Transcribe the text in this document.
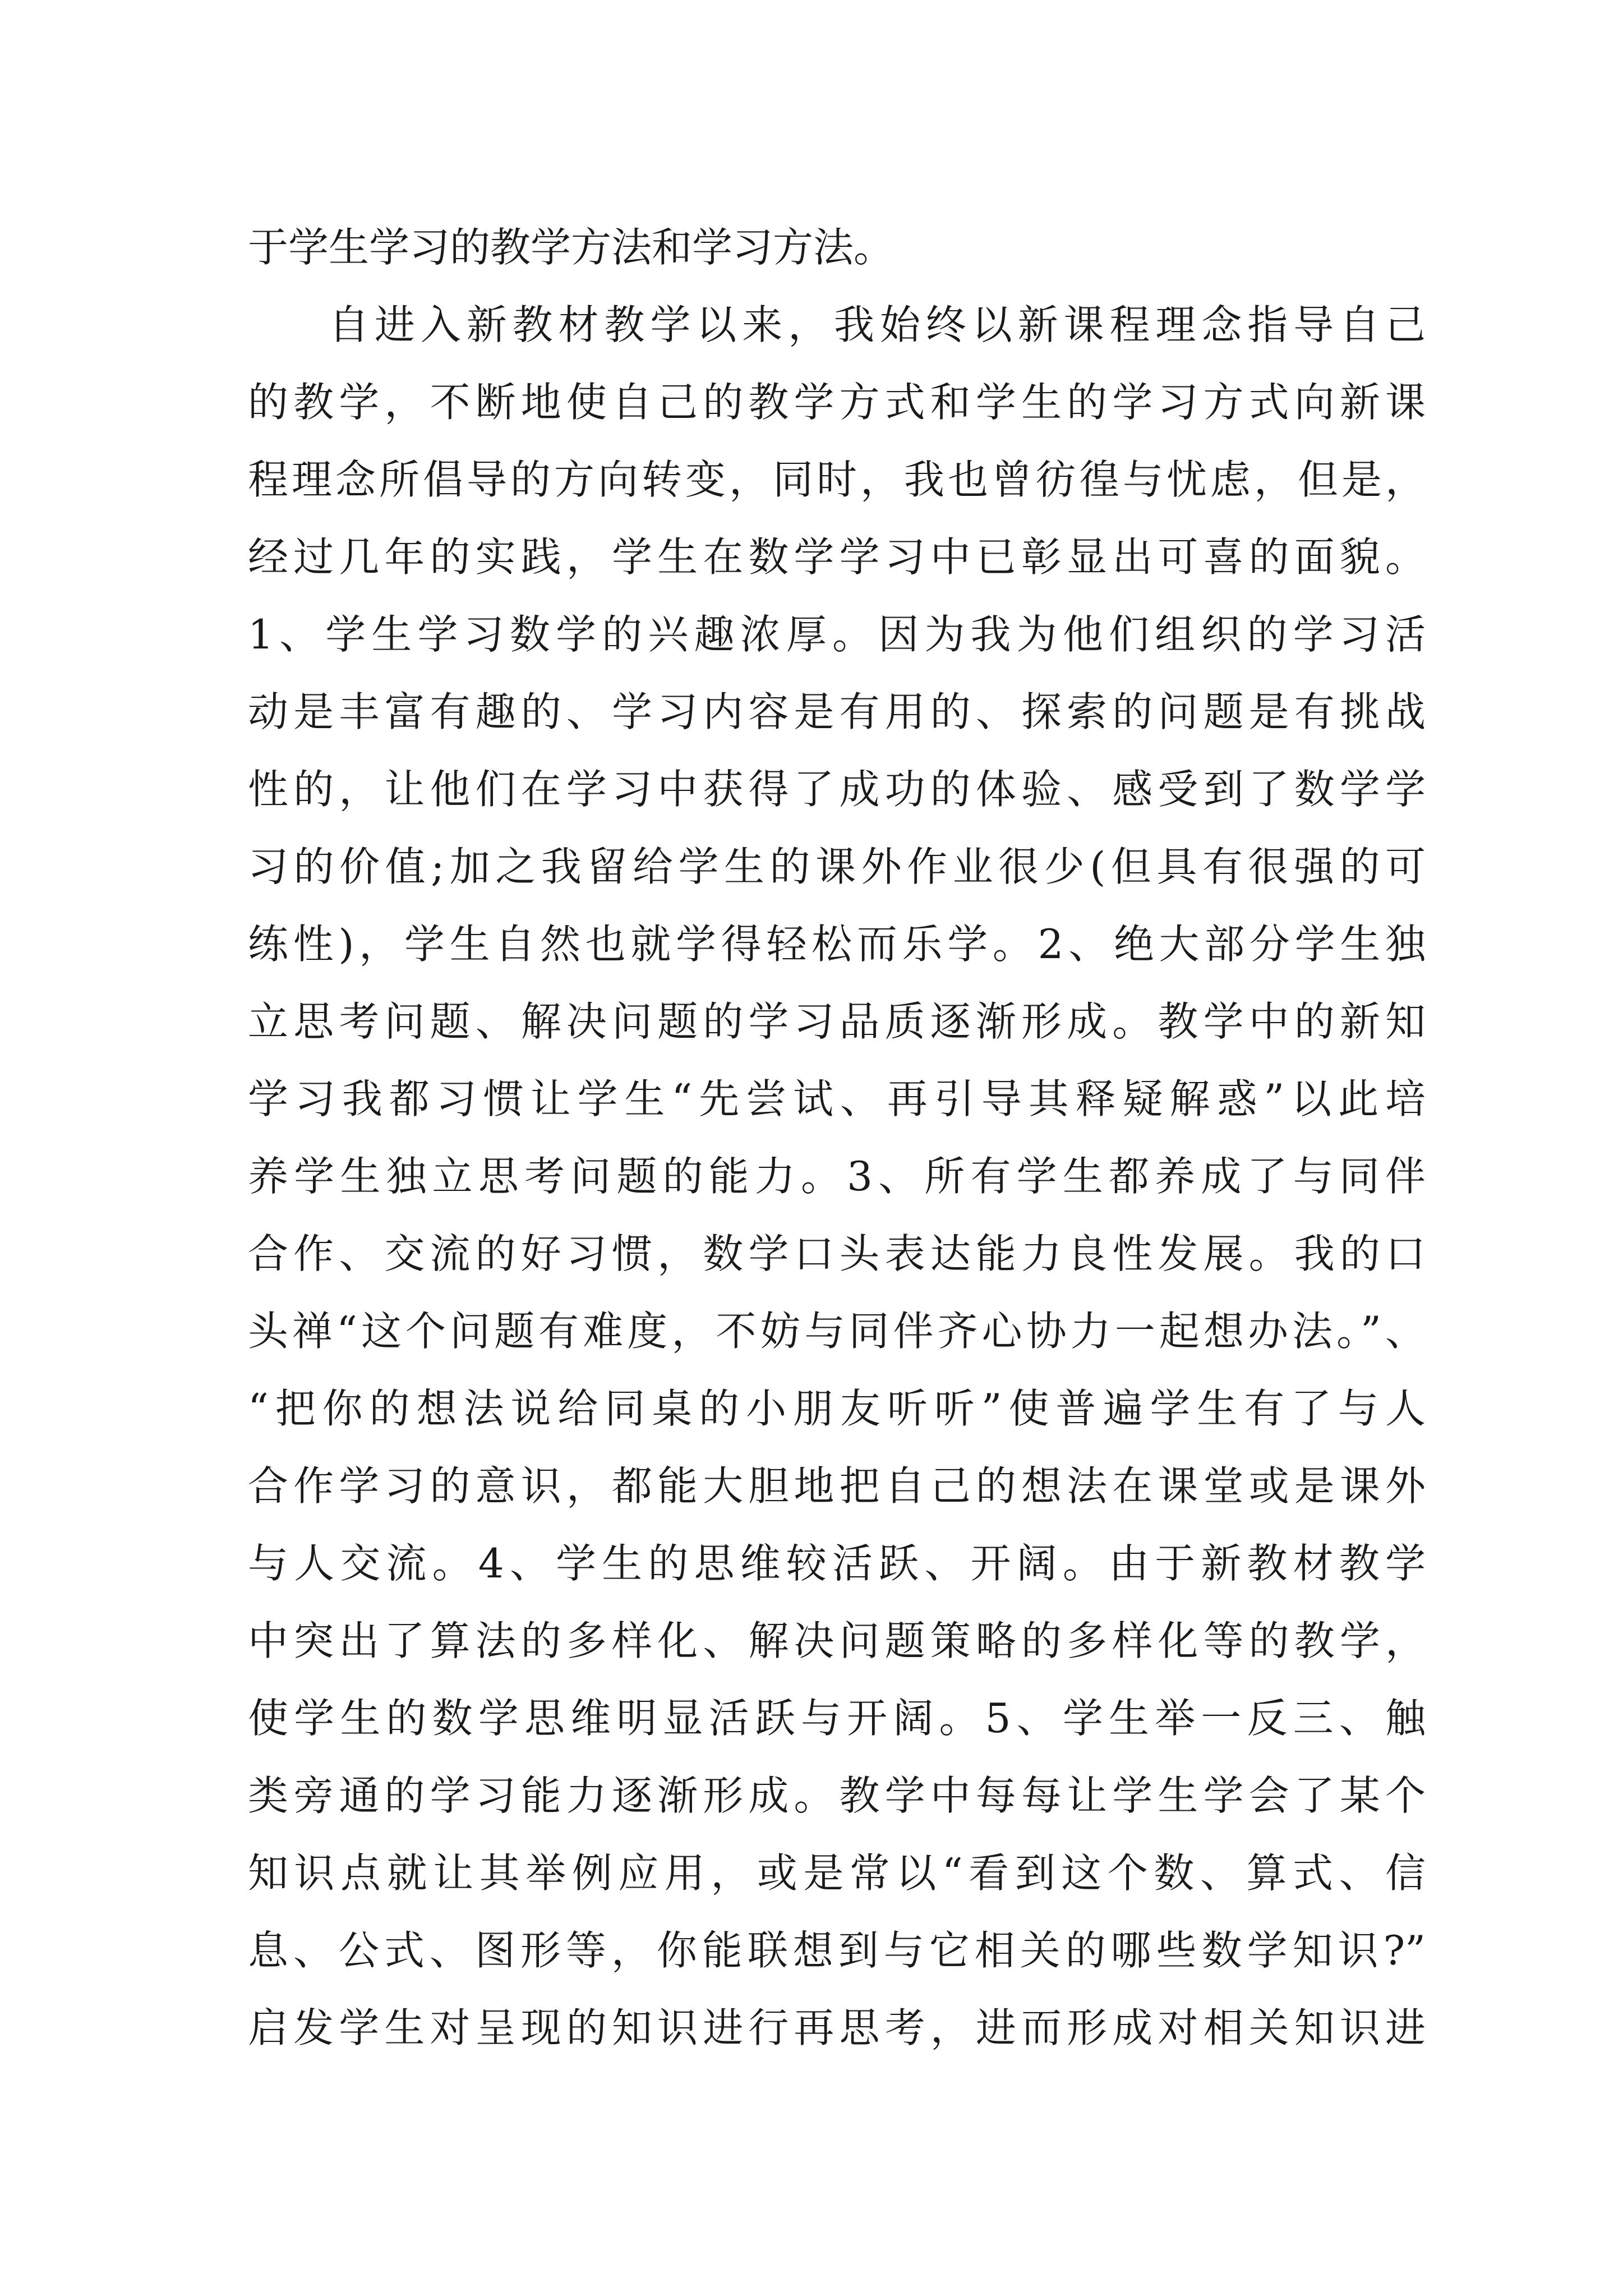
于学生学习的教学方法和学习方法。
自进入新教材教学以来，我始终以新课程理念指导自己
的教学，不断地使自己的教学方式和学生的学习方式向新课
程理念所倡导的方向转变，同时，我也曾彷徨与忧虑，但是，
经过几年的实践，学生在数学学习中已彰显出可喜的面貌。
1、学生学习数学的兴趣浓厚。因为我为他们组织的学习活
动是丰富有趣的、学习内容是有用的、探索的问题是有挑战
性的，让他们在学习中获得了成功的体验、感受到了数学学
习的价值;加之我留给学生的课外作业很少(但具有很强的可
练性)，学生自然也就学得轻松而乐学。2、绝大部分学生独
立思考问题、解决问题的学习品质逐渐形成。教学中的新知
学习我都习惯让学生“先尝试、再引导其释疑解惑”以此培
养学生独立思考问题的能力。3、所有学生都养成了与同伴
合作、交流的好习惯，数学口头表达能力良性发展。我的口
头禅“这个问题有难度，不妨与同伴齐心协力一起想办法。”、
“把你的想法说给同桌的小朋友听听”使普遍学生有了与人
合作学习的意识，都能大胆地把自己的想法在课堂或是课外
与人交流。4、学生的思维较活跃、开阔。由于新教材教学
中突出了算法的多样化、解决问题策略的多样化等的教学，
使学生的数学思维明显活跃与开阔。5、学生举一反三、触
类旁通的学习能力逐渐形成。教学中每每让学生学会了某个
知识点就让其举例应用，或是常以“看到这个数、算式、信
息、公式、图形等，你能联想到与它相关的哪些数学知识?”
启发学生对呈现的知识进行再思考，进而形成对相关知识进
